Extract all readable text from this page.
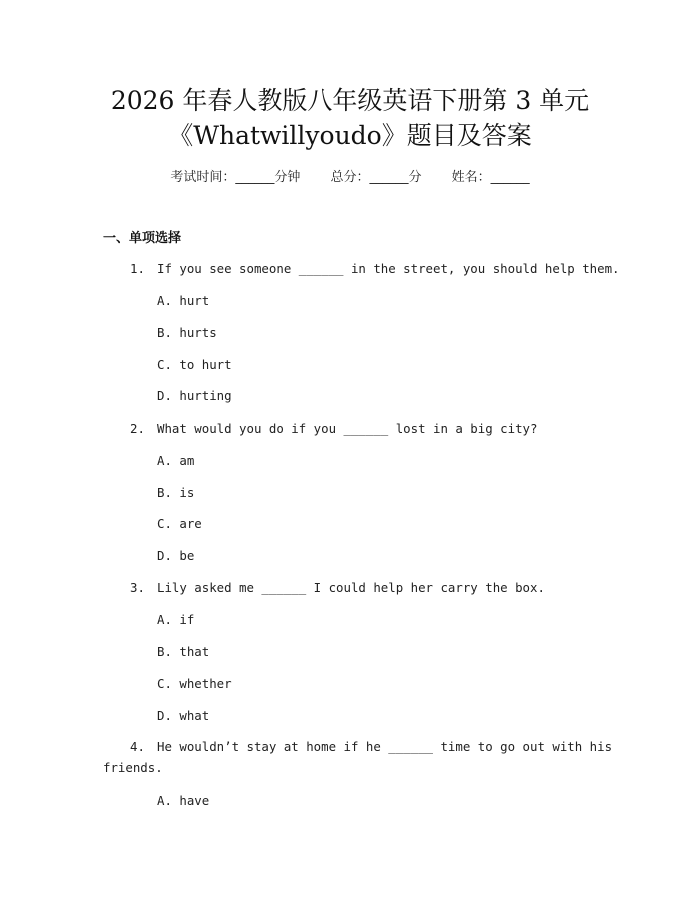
2026 年春人教版八年级英语下册第 3 单元
《Whatwillyoudo》题目及答案
考试时间：______分钟 总分：______分 姓名：______
一、单项选择
1. If you see someone ______ in the street, you should help them.
A. hurt
B. hurts
C. to hurt
D. hurting
2. What would you do if you ______ lost in a big city?
A. am
B. is
C. are
D. be
3. Lily asked me ______ I could help her carry the box.
A. if
B. that
C. whether
D. what
4. He wouldn’t stay at home if he ______ time to go out with his
friends.
A. have
